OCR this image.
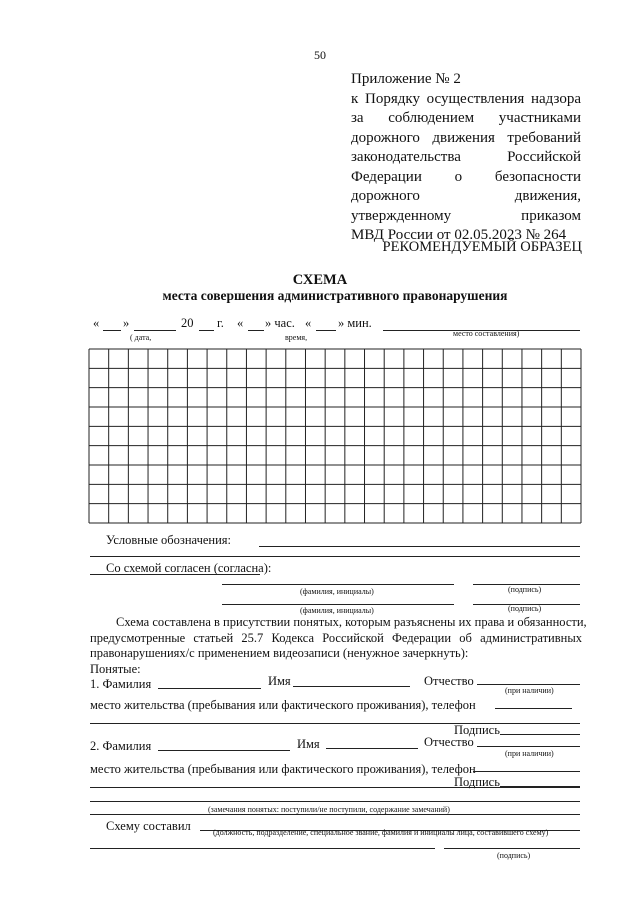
50
Приложение № 2
к Порядку осуществления надзора
за соблюдением участниками
дорожного движения требований
законодательства Российской
Федерации о безопасности
дорожного движения,
утвержденному приказом
МВД России от 02.05.2023 № 264
РЕКОМЕНДУЕМЫЙ ОБРАЗЕЦ
СХЕМА
места совершения административного правонарушения
« »	20 г. « » час. « » мин.
( дата,	время,	место составления)
Условные обозначения:
Со схемой согласен (согласна):
(фамилия, инициалы)	(подпись)
(фамилия, инициалы)	(подпись)
Схема составлена в присутствии понятых, которым разъяснены их права и обязанности,
предусмотренные статьей 25.7 Кодекса Российской Федерации об административных
правонарушениях/с применением видеозаписи (ненужное зачеркнуть):
Понятые:
1. Фамилия	Имя	Отчество
(при наличии)
место жительства (пребывания или фактического проживания), телефон
Подпись
2. Фамилия	Имя	Отчество
(при наличии)
место жительства (пребывания или фактического проживания), телефон
Подпись
(замечания понятых: поступили/не поступили, содержание замечаний)
Схему составил	(должность, подразделение, специальное звание, фамилия и инициалы лица, составившего схему)
(подпись)
